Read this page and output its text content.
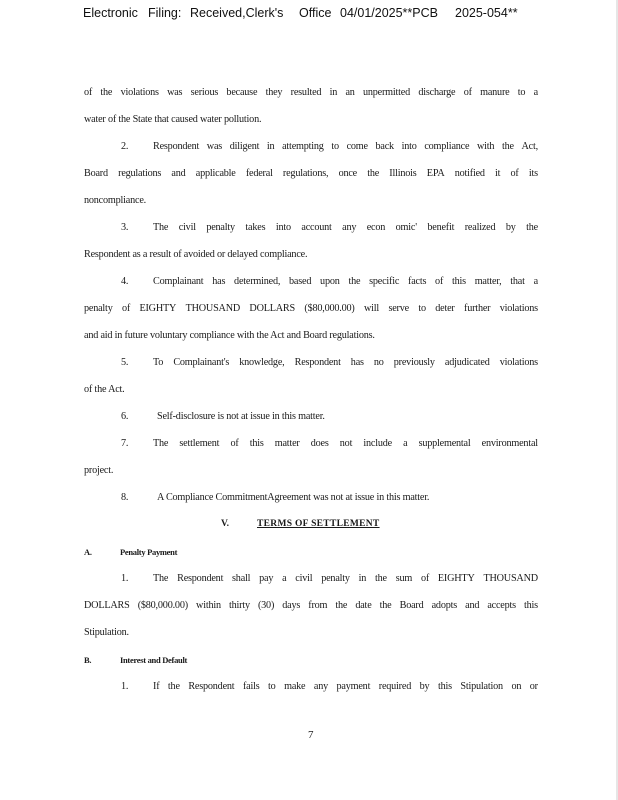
Electronic Filing: Received,Clerk's Office 04/01/2025**PCB 2025-054**
of the violations was serious because they resulted in an unpermitted discharge of manure to a
water of the State that caused water pollution.
2.	Respondent was diligent in attempting to come back into compliance with the Act,
Board regulations and applicable federal regulations, once the Illinois EPA notified it of its
noncompliance.
3.	The civil penalty takes into account any econ omic' benefit realized by the
Respondent as a result of avoided or delayed compliance.
4.	Complainant has determined, based upon the specific facts of this matter, that a
penalty of EIGHTY THOUSAND DOLLARS ($80,000.00) will serve to deter further violations
and aid in future voluntary compliance with the Act and Board regulations.
5.	To Complainant's knowledge, Respondent has no previously adjudicated violations
of the Act.
6.	Self-disclosure is not at issue in this matter.
7.	The settlement of this matter does not include a supplemental environmental
project.
8.	A Compliance CommitmentAgreement was not at issue in this matter.
V.	TERMS OF SETTLEMENT
A.	Penalty Payment
1.	The Respondent shall pay a civil penalty in the sum of EIGHTY THOUSAND
DOLLARS ($80,000.00) within thirty (30) days from the date the Board adopts and accepts this
Stipulation.
B.	Interest and Default
1.	If the Respondent fails to make any payment required by this Stipulation on or
7
